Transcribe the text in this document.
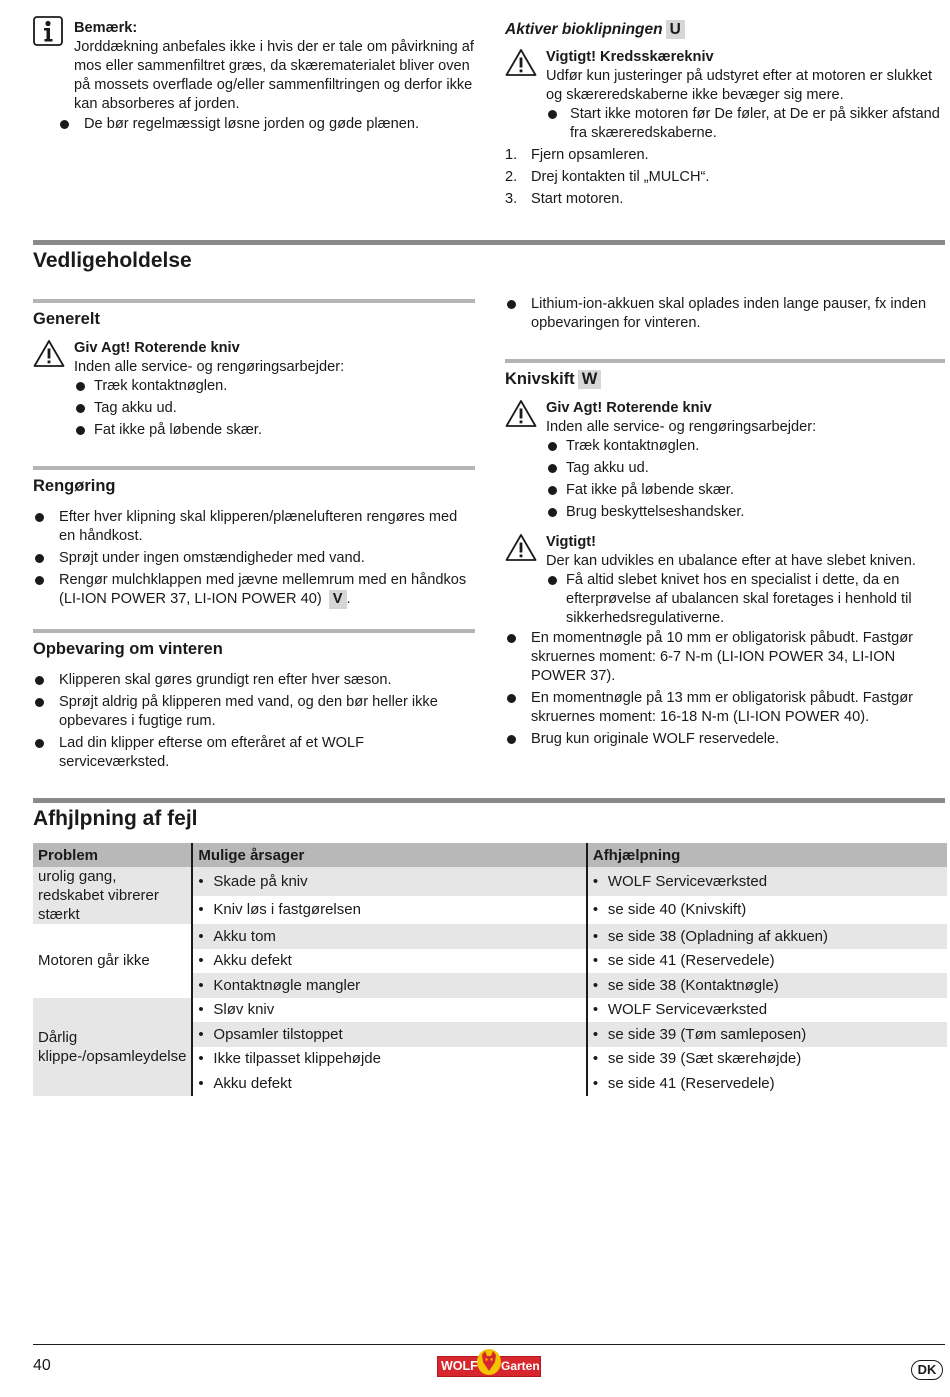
Bemærk:
Jorddækning anbefales ikke i hvis der er tale om påvirkning af mos eller sammenfiltret græs, da skærematerialet bliver oven på mossets overflade og/eller sammenfiltringen og derfor ikke kan absorberes af jorden.
De bør regelmæssigt løsne jorden og gøde plænen.
Aktiver bioklipningen U
Vigtigt! Kredsskærekniv
Udfør kun justeringer på udstyret efter at motoren er slukket og skæreredskaberne ikke bevæger sig mere.
Start ikke motoren før De føler, at De er på sikker afstand fra skæreredskaberne.
1. Fjern opsamleren.
2. Drej kontakten til „MULCH“.
3. Start motoren.
Vedligeholdelse
Generelt
Giv Agt! Roterende kniv
Inden alle service- og rengøringsarbejder:
Træk kontaktnøglen.
Tag akku ud.
Fat ikke på løbende skær.
Rengøring
Efter hver klipning skal klipperen/plænelufteren rengøres med en håndkost.
Sprøjt under ingen omstændigheder med vand.
Rengør mulchklappen med jævne mellemrum med en håndkos (LI-ION POWER 37, LI-ION POWER 40) V .
Opbevaring om vinteren
Klipperen skal gøres grundigt ren efter hver sæson.
Sprøjt aldrig på klipperen med vand, og den bør heller ikke opbevares i fugtige rum.
Lad din klipper efterse om efteråret af et WOLF serviceværksted.
Lithium-ion-akkuen skal oplades inden lange pauser, fx inden opbevaringen for vinteren.
Knivskift W
Giv Agt! Roterende kniv
Inden alle service- og rengøringsarbejder:
Træk kontaktnøglen.
Tag akku ud.
Fat ikke på løbende skær.
Brug beskyttelseshandsker.
Vigtigt!
Der kan udvikles en ubalance efter at have slebet kniven.
Få altid slebet knivet hos en specialist i dette, da en efterprøvelse af ubalancen skal foretages i henhold til sikkerhedsregulativerne.
En momentnøgle på 10 mm er obligatorisk påbudt. Fastgør skruernes moment: 6-7 N-m (LI-ION POWER 34, LI-ION POWER 37).
En momentnøgle på 13 mm er obligatorisk påbudt. Fastgør skruernes moment: 16-18 N-m (LI-ION POWER 40).
Brug kun originale WOLF reservedele.
Afhjlpning af fejl
Problem	Mulige årsager	Afhjælpning
urolig gang, redskabet vibrerer stærkt	• Skade på kniv	• WOLF Serviceværksted
	• Kniv løs i fastgørelsen	• se side 40 (Knivskift)
Motoren går ikke	• Akku tom	• se side 38 (Opladning af akkuen)
	• Akku defekt	• se side 41 (Reservedele)
	• Kontaktnøgle mangler	• se side 38 (Kontaktnøgle)
Dårlig klippe-/opsamleydelse	• Sløv kniv	• WOLF Serviceværksted
	• Opsamler tilstoppet	• se side 39 (Tøm samleposen)
	• Ikke tilpasset klippehøjde	• se side 39 (Sæt skærehøjde)
	• Akku defekt	• se side 41 (Reservedele)
40	WOLF Garten	DK
